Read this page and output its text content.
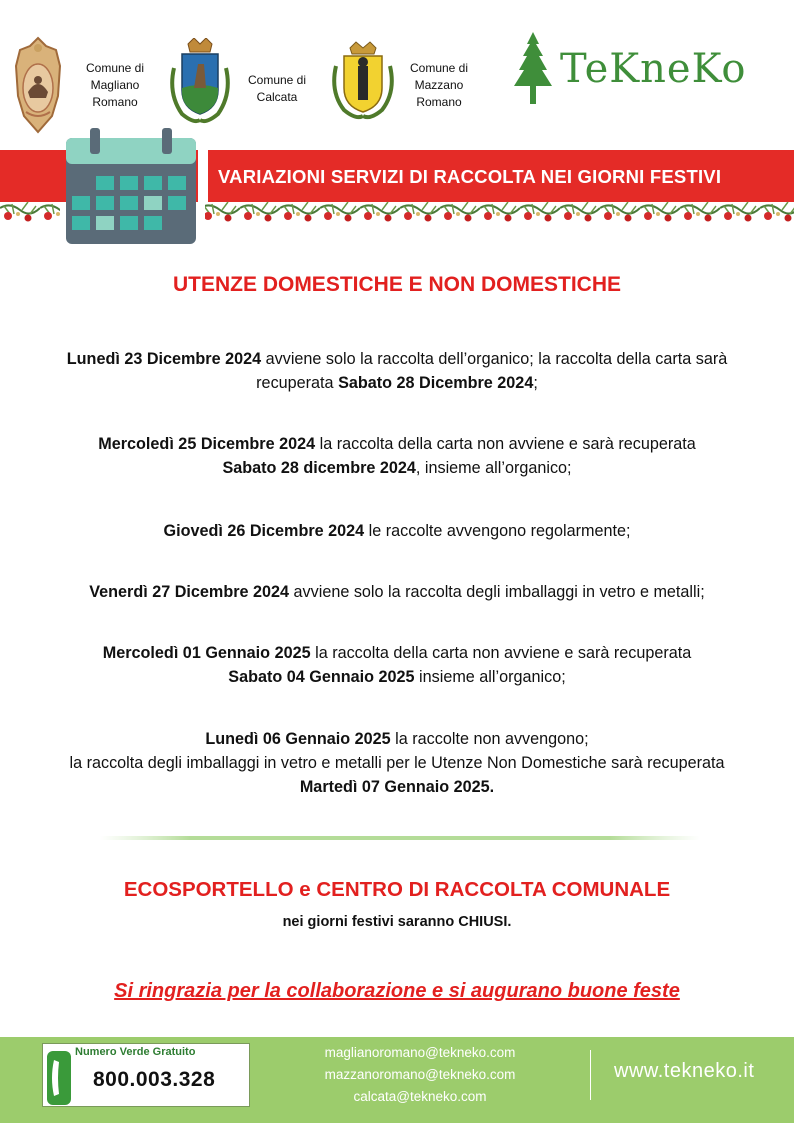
Comune di
Magliano
Romano
Comune di
Calcata
Comune di
Mazzano
Romano
TeKneKo
VARIAZIONI SERVIZI DI RACCOLTA NEI GIORNI FESTIVI
UTENZE DOMESTICHE E NON DOMESTICHE
Lunedì 23 Dicembre 2024 avviene solo la raccolta dell’organico; la raccolta della carta sarà
recuperata Sabato 28 Dicembre 2024;
Mercoledì 25 Dicembre 2024 la raccolta della carta non avviene e sarà recuperata
Sabato 28 dicembre 2024, insieme all’organico;
Giovedì 26 Dicembre 2024 le raccolte avvengono regolarmente;
Venerdì 27 Dicembre 2024 avviene solo la raccolta degli imballaggi in vetro e metalli;
Mercoledì 01 Gennaio 2025 la raccolta della carta non avviene e sarà recuperata
Sabato 04 Gennaio 2025 insieme all’organico;
Lunedì 06 Gennaio 2025 la raccolte non avvengono;
la raccolta degli imballaggi in vetro e metalli per le Utenze Non Domestiche sarà recuperata
Martedì 07 Gennaio 2025.
ECOSPORTELLO e CENTRO DI RACCOLTA COMUNALE
nei giorni festivi saranno CHIUSI.
Si ringrazia per la collaborazione e si augurano buone feste
Numero Verde Gratuito
800.003.328
maglianoromano@tekneko.com
mazzanoromano@tekneko.com
calcata@tekneko.com
www.tekneko.it
